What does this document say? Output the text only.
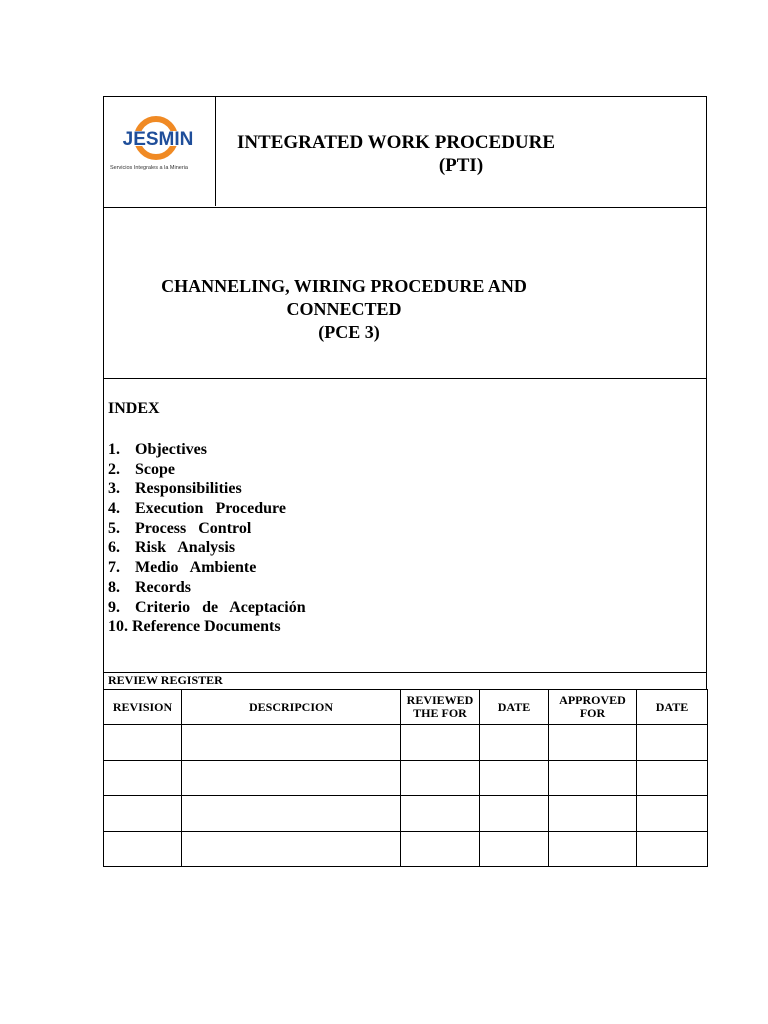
JESMIN
Servicios Integrales a la Mineria
INTEGRATED WORK PROCEDURE
(PTI)
CHANNELING, WIRING PROCEDURE AND
CONNECTED
(PCE 3)
INDEX
1. Objectives
2. Scope
3. Responsibilities
4. Execution   Procedure
5. Process   Control
6. Risk   Analysis
7. Medio   Ambiente
8. Records
9. Criterio   de   Aceptación
10. Reference Documents
REVIEW REGISTER
REVISION	DESCRIPCION	REVIEWED THE FOR	DATE	APPROVED FOR	DATE
